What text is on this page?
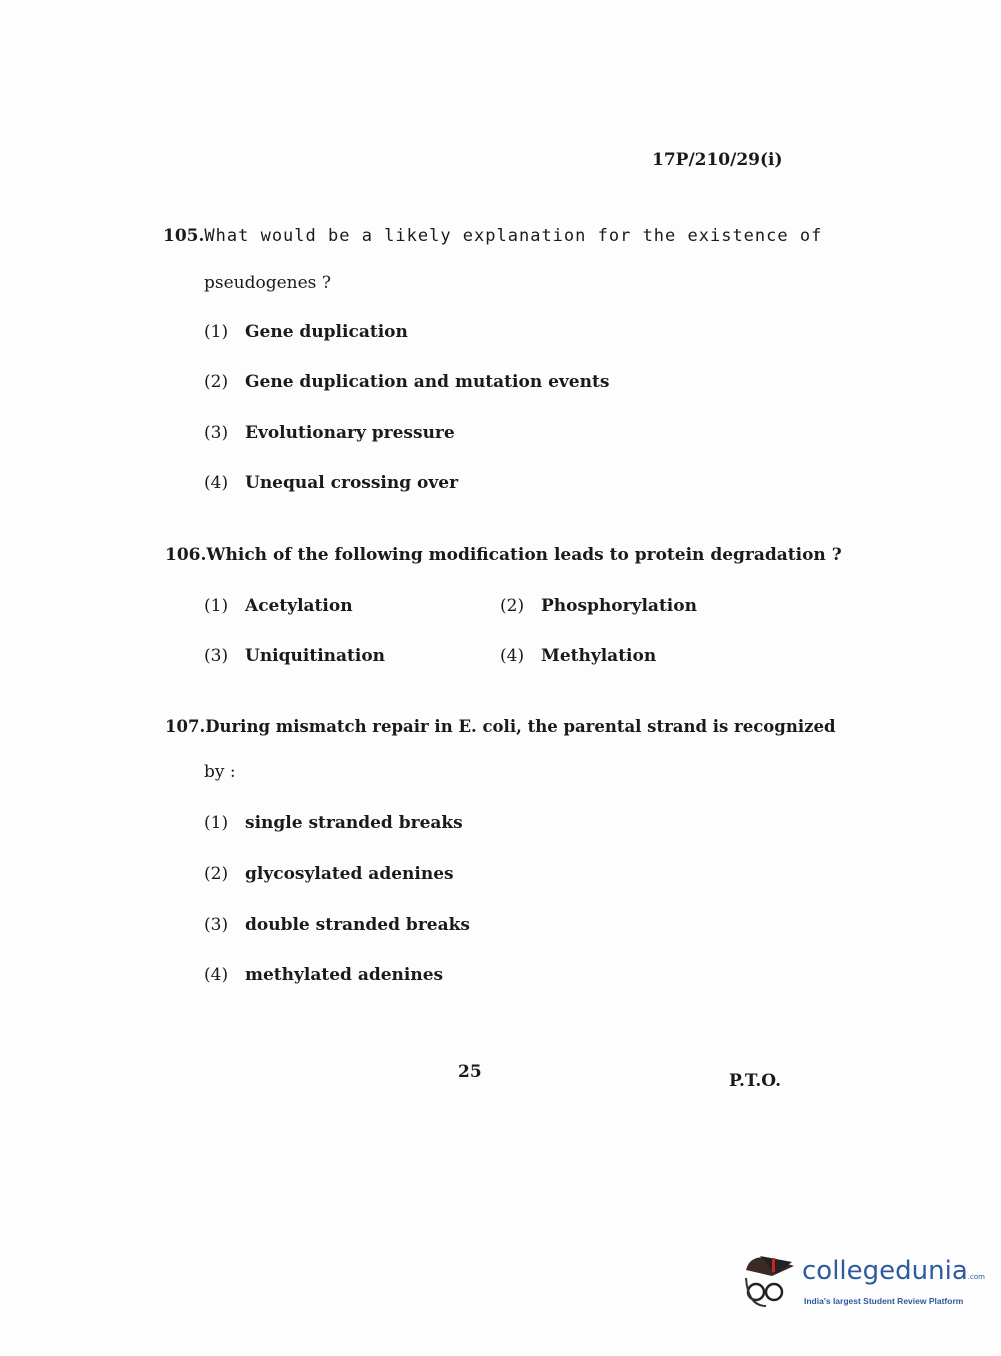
17P/210/29(i)
105.What would be a likely explanation for the existence of
pseudogenes ?
(1) Gene duplication
(2) Gene duplication and mutation events
(3) Evolutionary pressure
(4) Unequal crossing over
106.Which of the following modification leads to protein degradation ?
(1) Acetylation	(2) Phosphorylation
(3) Uniquitination	(4) Methylation
107.During mismatch repair in E. coli, the parental strand is recognized
by :
(1) single stranded breaks
(2) glycosylated adenines
(3) double stranded breaks
(4) methylated adenines
25	P.T.O.
collegedunia.com
India's largest Student Review Platform
